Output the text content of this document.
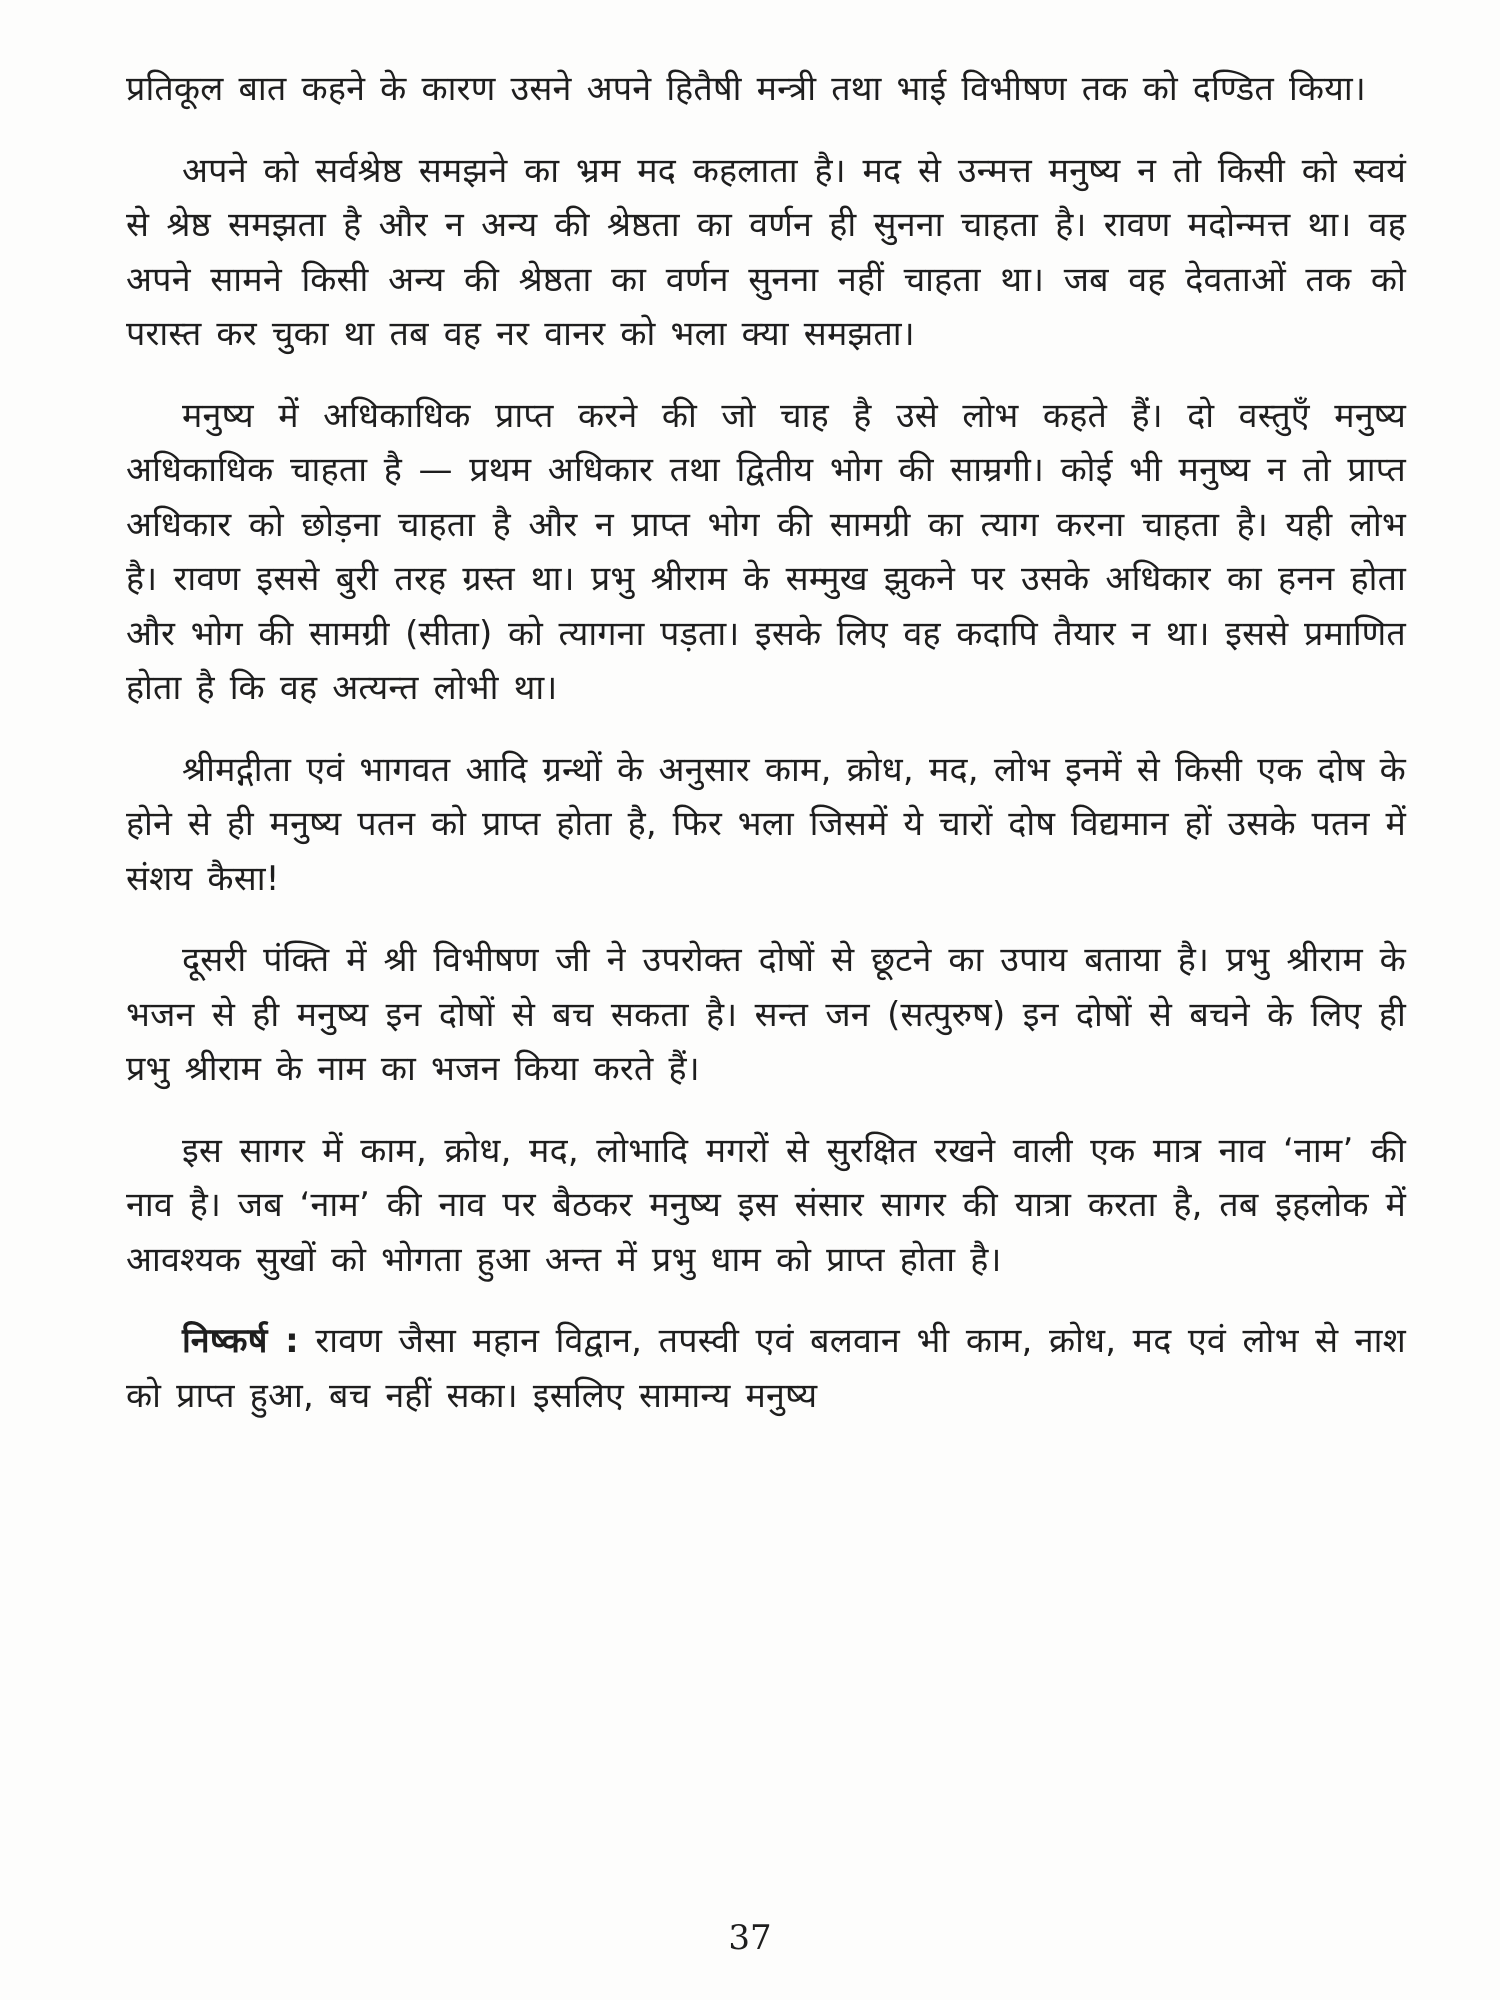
प्रतिकूल बात कहने के कारण उसने अपने हितैषी मन्त्री तथा भाई विभीषण तक को दण्डित किया।

अपने को सर्वश्रेष्ठ समझने का भ्रम मद कहलाता है। मद से उन्मत्त मनुष्य न तो किसी को स्वयं से श्रेष्ठ समझता है और न अन्य की श्रेष्ठता का वर्णन ही सुनना चाहता है। रावण मदोन्मत्त था। वह अपने सामने किसी अन्य की श्रेष्ठता का वर्णन सुनना नहीं चाहता था। जब वह देवताओं तक को परास्त कर चुका था तब वह नर वानर को भला क्या समझता।

मनुष्य में अधिकाधिक प्राप्त करने की जो चाह है उसे लोभ कहते हैं। दो वस्तुएँ मनुष्य अधिकाधिक चाहता है — प्रथम अधिकार तथा द्वितीय भोग की साम्रगी। कोई भी मनुष्य न तो प्राप्त अधिकार को छोड़ना चाहता है और न प्राप्त भोग की सामग्री का त्याग करना चाहता है। यही लोभ है। रावण इससे बुरी तरह ग्रस्त था। प्रभु श्रीराम के सम्मुख झुकने पर उसके अधिकार का हनन होता और भोग की सामग्री (सीता) को त्यागना पड़ता। इसके लिए वह कदापि तैयार न था। इससे प्रमाणित होता है कि वह अत्यन्त लोभी था।

श्रीमद्गीता एवं भागवत आदि ग्रन्थों के अनुसार काम, क्रोध, मद, लोभ इनमें से किसी एक दोष के होने से ही मनुष्य पतन को प्राप्त होता है, फिर भला जिसमें ये चारों दोष विद्यमान हों उसके पतन में संशय कैसा!

दूसरी पंक्ति में श्री विभीषण जी ने उपरोक्त दोषों से छूटने का उपाय बताया है। प्रभु श्रीराम के भजन से ही मनुष्य इन दोषों से बच सकता है। सन्त जन (सत्पुरुष) इन दोषों से बचने के लिए ही प्रभु श्रीराम के नाम का भजन किया करते हैं।

इस सागर में काम, क्रोध, मद, लोभादि मगरों से सुरक्षित रखने वाली एक मात्र नाव ‘नाम’ की नाव है। जब ‘नाम’ की नाव पर बैठकर मनुष्य इस संसार सागर की यात्रा करता है, तब इहलोक में आवश्यक सुखों को भोगता हुआ अन्त में प्रभु धाम को प्राप्त होता है।

निष्कर्ष : रावण जैसा महान विद्वान, तपस्वी एवं बलवान भी काम, क्रोध, मद एवं लोभ से नाश को प्राप्त हुआ, बच नहीं सका। इसलिए सामान्य मनुष्य

37
